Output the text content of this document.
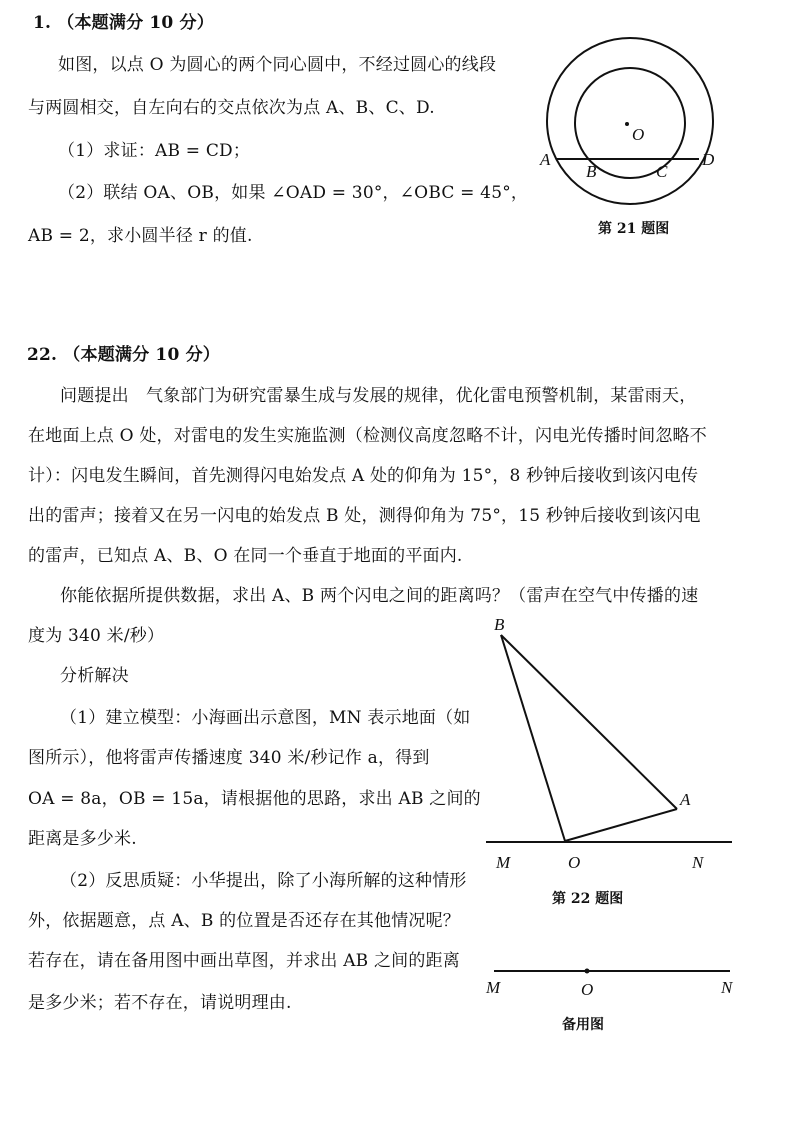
1. （本题满分 10 分）
如图，以点 O 为圆心的两个同心圆中，不经过圆心的线段
与两圆相交，自左向右的交点依次为点 A、B、C、D.
（1）求证：AB = CD；
（2）联结 OA、OB，如果 ∠OAD = 30°，∠OBC = 45°，
AB = 2，求小圆半径 r 的值.
O
A
B	C
D
第 21 题图
22. （本题满分 10 分）
问题提出　气象部门为研究雷暴生成与发展的规律，优化雷电预警机制，某雷雨天，
在地面上点 O 处，对雷电的发生实施监测（检测仪高度忽略不计，闪电光传播时间忽略不
计）：闪电发生瞬间，首先测得闪电始发点 A 处的仰角为 15°，8 秒钟后接收到该闪电传
出的雷声；接着又在另一闪电的始发点 B 处，测得仰角为 75°，15 秒钟后接收到该闪电
的雷声，已知点 A、B、O 在同一个垂直于地面的平面内.
你能依据所提供数据，求出 A、B 两个闪电之间的距离吗？（雷声在空气中传播的速
度为 340 米/秒）
分析解决
（1）建立模型：小海画出示意图，MN 表示地面（如
图所示），他将雷声传播速度 340 米/秒记作 a，得到
OA = 8a，OB = 15a，请根据他的思路，求出 AB 之间的
距离是多少米.
（2）反思质疑：小华提出，除了小海所解的这种情形
外，依据题意，点 A、B 的位置是否还存在其他情况呢？
若存在，请在备用图中画出草图，并求出 AB 之间的距离
是多少米；若不存在，请说明理由.
B
A
M	O	N
第 22 题图
M	O	N
备用图
